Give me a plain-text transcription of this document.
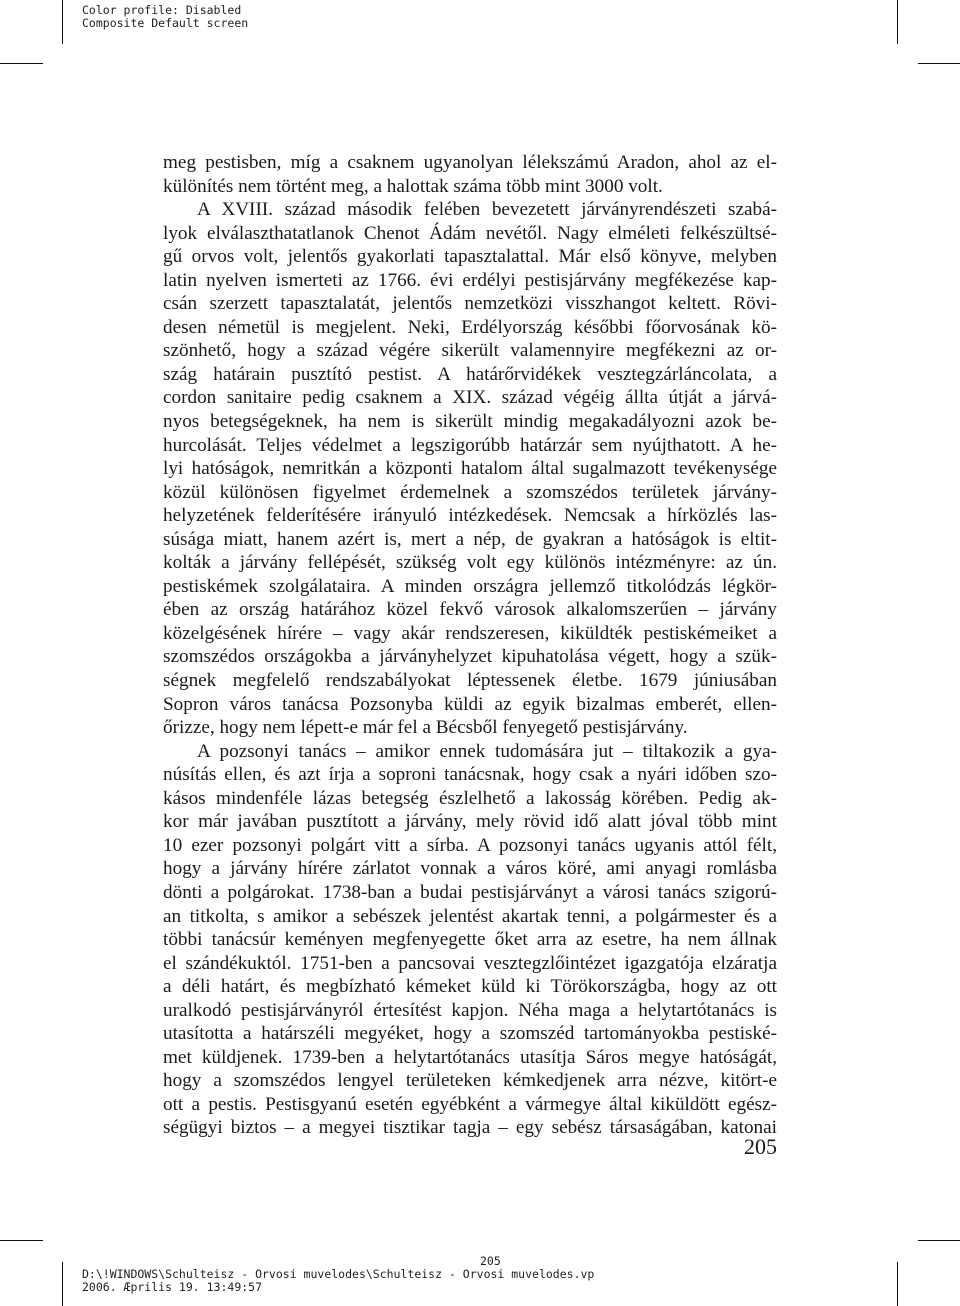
Color profile: Disabled
Composite Default screen

meg pestisben, míg a csaknem ugyanolyan lélekszámú Aradon, ahol az el-
különítés nem történt meg, a halottak száma több mint 3000 volt.
A XVIII. század második felében bevezetett járványrendészeti szabá-
lyok elválaszthatatlanok Chenot Ádám nevétől. Nagy elméleti felkészültsé-
gű orvos volt, jelentős gyakorlati tapasztalattal. Már első könyve, melyben
latin nyelven ismerteti az 1766. évi erdélyi pestisjárvány megfékezése kap-
csán szerzett tapasztalatát, jelentős nemzetközi visszhangot keltett. Rövi-
desen németül is megjelent. Neki, Erdélyország későbbi főorvosának kö-
szönhető, hogy a század végére sikerült valamennyire megfékezni az or-
szág határain pusztító pestist. A határőrvidékek vesztegzárláncolata, a
cordon sanitaire pedig csaknem a XIX. század végéig állta útját a járvá-
nyos betegségeknek, ha nem is sikerült mindig megakadályozni azok be-
hurcolását. Teljes védelmet a legszigorúbb határzár sem nyújthatott. A he-
lyi hatóságok, nemritkán a központi hatalom által sugalmazott tevékenysége
közül különösen figyelmet érdemelnek a szomszédos területek járvány-
helyzetének felderítésére irányuló intézkedések. Nemcsak a hírközlés las-
súsága miatt, hanem azért is, mert a nép, de gyakran a hatóságok is eltit-
kolták a járvány fellépését, szükség volt egy különös intézményre: az ún.
pestiskémek szolgálataira. A minden országra jellemző titkolódzás légkör-
ében az ország határához közel fekvő városok alkalomszerűen – járvány
közelgésének hírére – vagy akár rendszeresen, kiküldték pestiskémeiket a
szomszédos országokba a járványhelyzet kipuhatolása végett, hogy a szük-
ségnek megfelelő rendszabályokat léptessenek életbe. 1679 júniusában
Sopron város tanácsa Pozsonyba küldi az egyik bizalmas emberét, ellen-
őrizze, hogy nem lépett-e már fel a Bécsből fenyegető pestisjárvány.
A pozsonyi tanács – amikor ennek tudomására jut – tiltakozik a gya-
núsítás ellen, és azt írja a soproni tanácsnak, hogy csak a nyári időben szo-
kásos mindenféle lázas betegség észlelhető a lakosság körében. Pedig ak-
kor már javában pusztított a járvány, mely rövid idő alatt jóval több mint
10 ezer pozsonyi polgárt vitt a sírba. A pozsonyi tanács ugyanis attól félt,
hogy a járvány hírére zárlatot vonnak a város köré, ami anyagi romlásba
dönti a polgárokat. 1738-ban a budai pestisjárványt a városi tanács szigorú-
an titkolta, s amikor a sebészek jelentést akartak tenni, a polgármester és a
többi tanácsúr keményen megfenyegette őket arra az esetre, ha nem állnak
el szándékuktól. 1751-ben a pancsovai vesztegzlőintézet igazgatója elzáratja
a déli határt, és megbízható kémeket küld ki Törökországba, hogy az ott
uralkodó pestisjárványról értesítést kapjon. Néha maga a helytartótanács is
utasította a határszéli megyéket, hogy a szomszéd tartományokba pestiské-
met küldjenek. 1739-ben a helytartótanács utasítja Sáros megye hatóságát,
hogy a szomszédos lengyel területeken kémkedjenek arra nézve, kitört-e
ott a pestis. Pestisgyanú esetén egyébként a vármegye által kiküldött egész-
ségügyi biztos – a megyei tisztikar tagja – egy sebész társaságában, katonai

205
205
D:\!WINDOWS\Schulteisz - Orvosi muvelodes\Schulteisz - Orvosi muvelodes.vp
2006. Æprilis 19. 13:49:57
